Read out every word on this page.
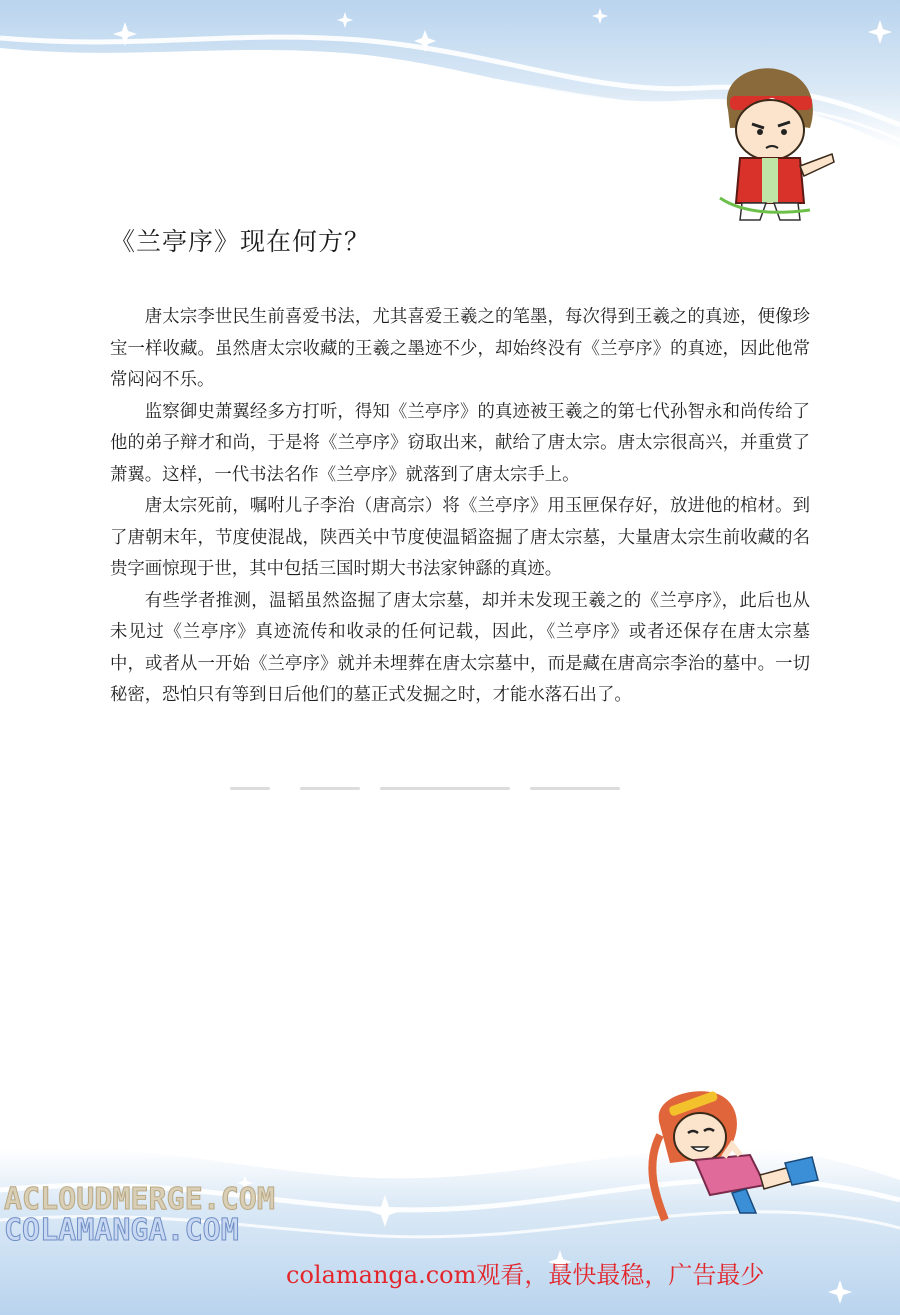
《兰亭序》现在何方？

唐太宗李世民生前喜爱书法，尤其喜爱王羲之的笔墨，每次得到王羲之的真迹，便像珍宝一样收藏。虽然唐太宗收藏的王羲之墨迹不少，却始终没有《兰亭序》的真迹，因此他常常闷闷不乐。

监察御史萧翼经多方打听，得知《兰亭序》的真迹被王羲之的第七代孙智永和尚传给了他的弟子辩才和尚，于是将《兰亭序》窃取出来，献给了唐太宗。唐太宗很高兴，并重赏了萧翼。这样，一代书法名作《兰亭序》就落到了唐太宗手上。

唐太宗死前，嘱咐儿子李治（唐高宗）将《兰亭序》用玉匣保存好，放进他的棺材。到了唐朝末年，节度使混战，陕西关中节度使温韬盗掘了唐太宗墓，大量唐太宗生前收藏的名贵字画惊现于世，其中包括三国时期大书法家钟繇的真迹。

有些学者推测，温韬虽然盗掘了唐太宗墓，却并未发现王羲之的《兰亭序》，此后也从未见过《兰亭序》真迹流传和收录的任何记载，因此，《兰亭序》或者还保存在唐太宗墓中，或者从一开始《兰亭序》就并未埋葬在唐太宗墓中，而是藏在唐高宗李治的墓中。一切秘密，恐怕只有等到日后他们的墓正式发掘之时，才能水落石出了。

ACLOUDMERGE.COM
COLAMANGA.COM
colamanga.com观看，最快最稳，广告最少
